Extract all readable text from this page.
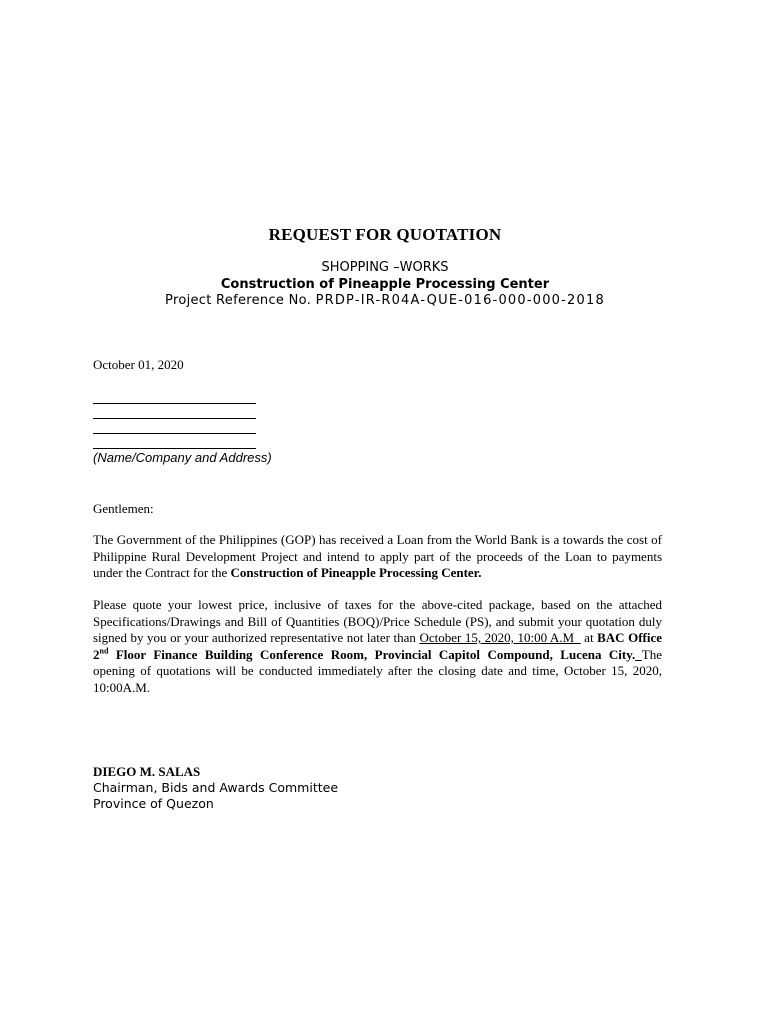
REQUEST FOR QUOTATION
SHOPPING –WORKS
Construction of Pineapple Processing Center
Project Reference No. PRDP-IR-R04A-QUE-016-000-000-2018
October 01, 2020
(Name/Company and Address)
Gentlemen:
The Government of the Philippines (GOP) has received a Loan from the World Bank is a towards the cost of Philippine Rural Development Project and intend to apply part of the proceeds of the Loan to payments under the Contract for the Construction of Pineapple Processing Center.
Please quote your lowest price, inclusive of taxes for the above-cited package, based on the attached Specifications/Drawings and Bill of Quantities (BOQ)/Price Schedule (PS), and submit your quotation duly signed by you or your authorized representative not later than October 15, 2020, 10:00 A.M_ at BAC Office 2nd Floor Finance Building Conference Room, Provincial Capitol Compound, Lucena City._The opening of quotations will be conducted immediately after the closing date and time, October 15, 2020, 10:00A.M.
DIEGO M. SALAS
Chairman, Bids and Awards Committee
Province of Quezon
